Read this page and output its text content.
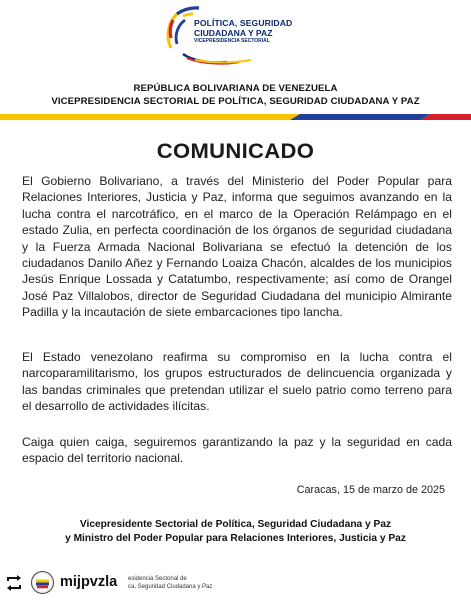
POLÍTICA, SEGURIDAD
CIUDADANA Y PAZ
VICEPRESIDENCIA SECTORIAL
REPÚBLICA BOLIVARIANA DE VENEZUELA
VICEPRESIDENCIA SECTORIAL DE POLÍTICA, SEGURIDAD CIUDADANA Y PAZ
COMUNICADO

El Gobierno Bolivariano, a través del Ministerio del Poder Popular para Relaciones Interiores, Justicia y Paz, informa que seguimos avanzando en la lucha contra el narcotráfico, en el marco de la Operación Relámpago en el estado Zulia, en perfecta coordinación de los órganos de seguridad ciudadana y la Fuerza Armada Nacional Bolivariana se efectuó la detención de los ciudadanos Danilo Añez y Fernando Loaiza Chacón, alcaldes de los municipios Jesús Enrique Lossada y Catatumbo, respectivamente; así como de Orangel José Paz Villalobos, director de Seguridad Ciudadana del municipio Almirante Padilla y la incautación de siete embarcaciones tipo lancha.

El Estado venezolano reafirma su compromiso en la lucha contra el narcoparamilitarismo, los grupos estructurados de delincuencia organizada y las bandas criminales que pretendan utilizar el suelo patrio como terreno para el desarrollo de actividades ilícitas.

Caiga quien caiga, seguiremos garantizando la paz y la seguridad en cada espacio del territorio nacional.

Caracas, 15 de marzo de 2025
Vicepresidente Sectorial de Política, Seguridad Ciudadana y Paz
y Ministro del Poder Popular para Relaciones Interiores, Justicia y Paz
mijpvzla esidencia Sectorial de
ca, Seguridad Ciudadana y Paz
